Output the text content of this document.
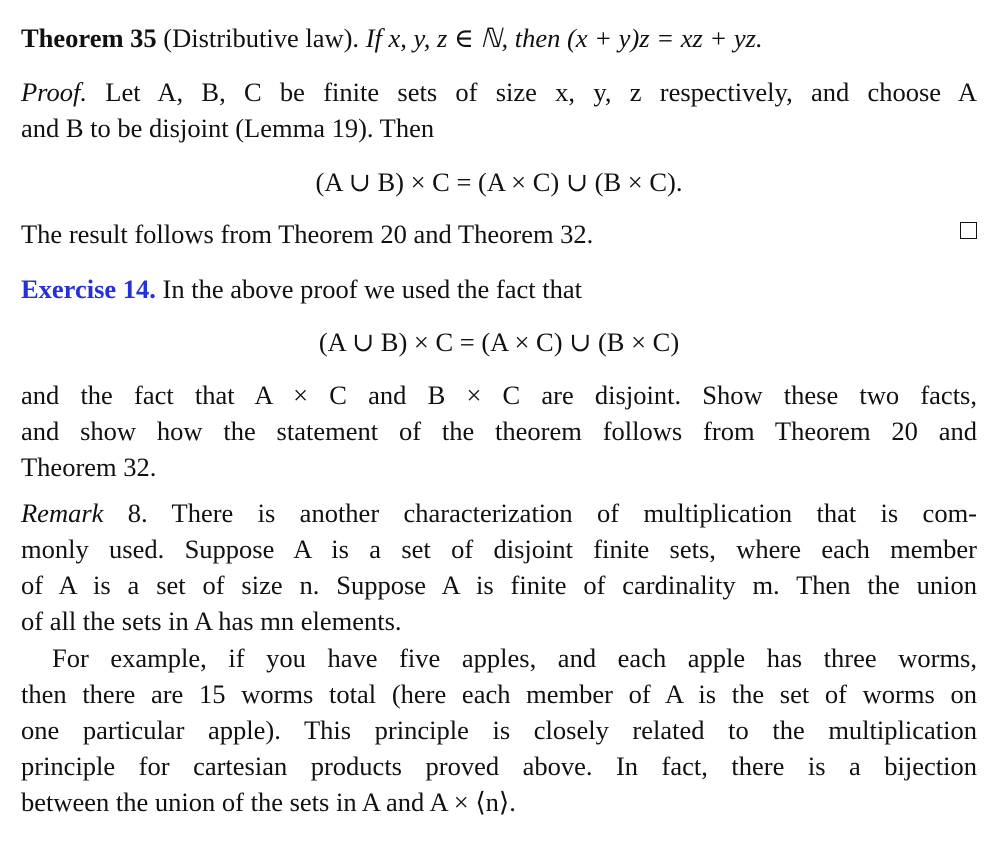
Theorem 35 (Distributive law). If x, y, z ∈ ℕ, then (x + y)z = xz + yz.
Proof. Let A, B, C be finite sets of size x, y, z respectively, and choose A
and B to be disjoint (Lemma 19). Then
(A ∪ B) × C = (A × C) ∪ (B × C).
The result follows from Theorem 20 and Theorem 32.
Exercise 14. In the above proof we used the fact that
(A ∪ B) × C = (A × C) ∪ (B × C)
and the fact that A × C and B × C are disjoint. Show these two facts,
and show how the statement of the theorem follows from Theorem 20 and
Theorem 32.
Remark 8. There is another characterization of multiplication that is com-
monly used. Suppose A is a set of disjoint finite sets, where each member
of A is a set of size n. Suppose A is finite of cardinality m. Then the union
of all the sets in A has mn elements.
For example, if you have five apples, and each apple has three worms,
then there are 15 worms total (here each member of A is the set of worms on
one particular apple). This principle is closely related to the multiplication
principle for cartesian products proved above. In fact, there is a bijection
between the union of the sets in A and A × ⟨n⟩.
